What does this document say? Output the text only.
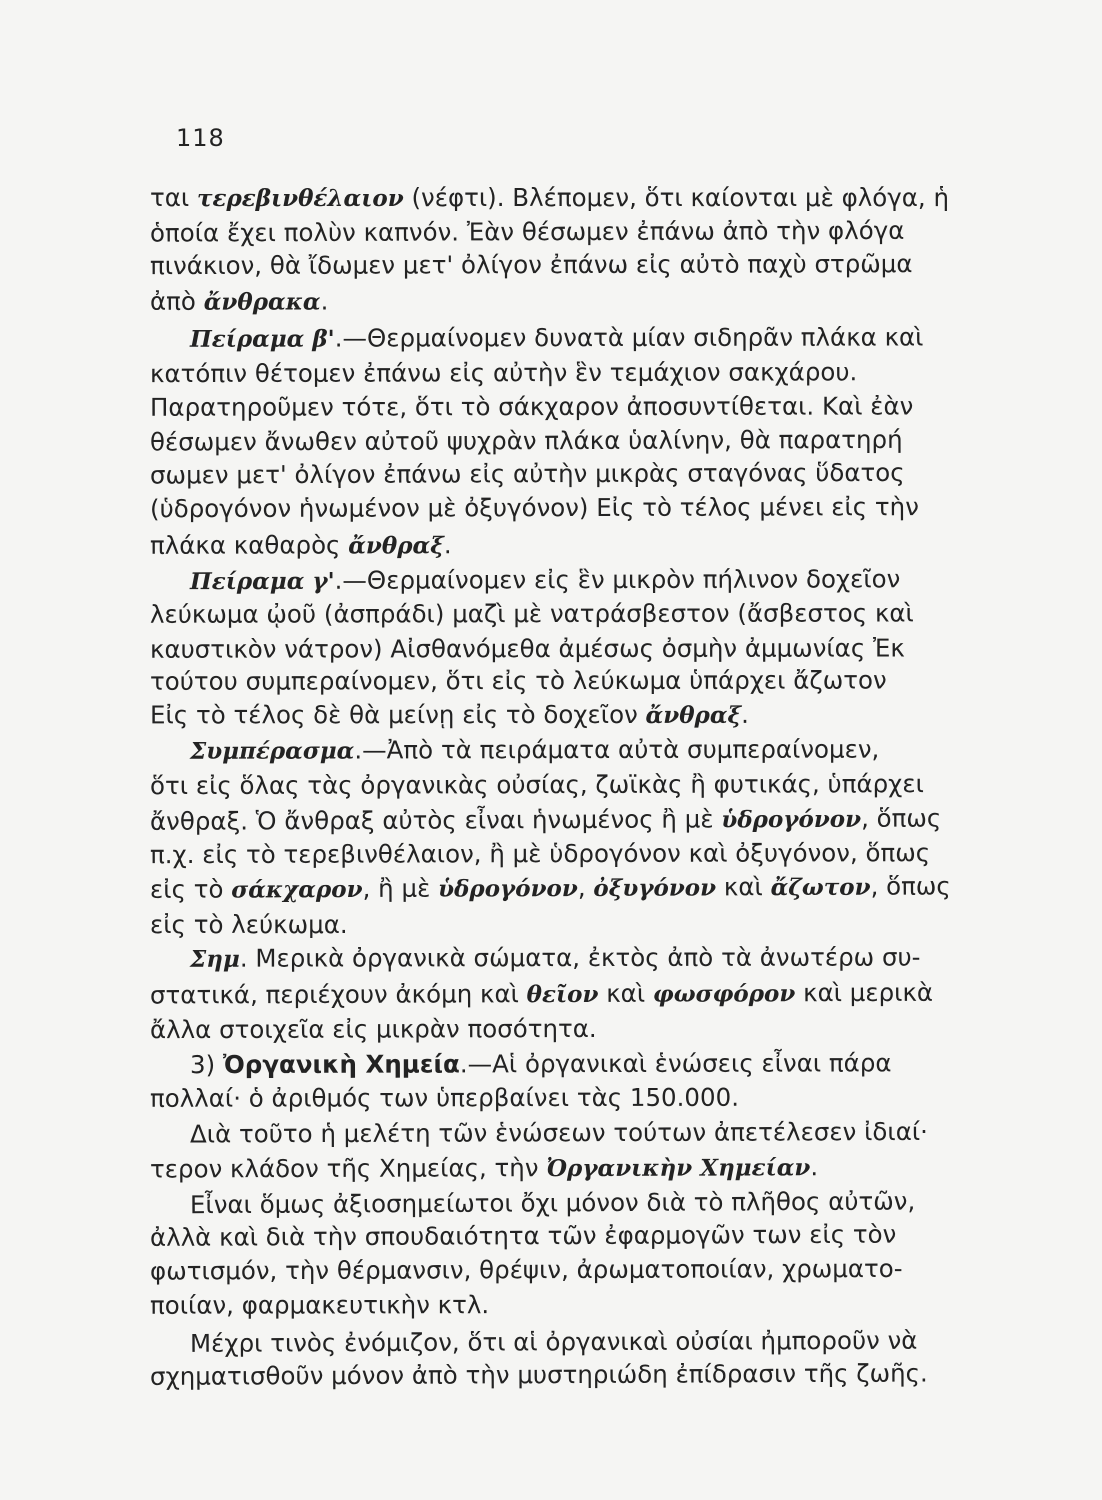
118
ται τερεβινθέλαιον (νέφτι). Βλέπομεν, ὅτι καίονται μὲ φλόγα, ἡ
ὁποία ἔχει πολὺν καπνόν. Ἐὰν θέσωμεν ἐπάνω ἀπὸ τὴν φλόγα
πινάκιον, θὰ ἴδωμεν μετ' ὀλίγον ἐπάνω εἰς αὐτὸ παχὺ στρῶμα
ἀπὸ ἄνθρακα.
Πείραμα β'.—Θερμαίνομεν δυνατὰ μίαν σιδηρᾶν πλάκα καὶ
κατόπιν θέτομεν ἐπάνω εἰς αὐτὴν ἓν τεμάχιον σακχάρου.
Παρατηροῦμεν τότε, ὅτι τὸ σάκχαρον ἀποσυντίθεται. Καὶ ἐὰν
θέσωμεν ἄνωθεν αὐτοῦ ψυχρὰν πλάκα ὑαλίνην, θὰ παρατηρή
σωμεν μετ' ὀλίγον ἐπάνω εἰς αὐτὴν μικρὰς σταγόνας ὕδατος
(ὑδρογόνον ἡνωμένον μὲ ὀξυγόνον) Εἰς τὸ τέλος μένει εἰς τὴν
πλάκα καθαρὸς ἄνθραξ.
Πείραμα γ'.—Θερμαίνομεν εἰς ἓν μικρὸν πήλινον δοχεῖον
λεύκωμα ᾠοῦ (ἀσπράδι) μαζὶ μὲ νατράσβεστον (ἄσβεστος καὶ
καυστικὸν νάτρον) Αἰσθανόμεθα ἀμέσως ὀσμὴν ἀμμωνίας Ἐκ
τούτου συμπεραίνομεν, ὅτι εἰς τὸ λεύκωμα ὑπάρχει ἄζωτον
Εἰς τὸ τέλος δὲ θὰ μείνῃ εἰς τὸ δοχεῖον ἄνθραξ.
Συμπέρασμα.—Ἀπὸ τὰ πειράματα αὐτὰ συμπεραίνομεν,
ὅτι εἰς ὅλας τὰς ὀργανικὰς οὐσίας, ζωϊκὰς ἢ φυτικάς, ὑπάρχει
ἄνθραξ. Ὁ ἄνθραξ αὐτὸς εἶναι ἡνωμένος ἢ μὲ ὑδρογόνον, ὅπως
π.χ. εἰς τὸ τερεβινθέλαιον, ἢ μὲ ὑδρογόνον καὶ ὀξυγόνον, ὅπως
εἰς τὸ σάκχαρον, ἢ μὲ ὑδρογόνον, ὀξυγόνον καὶ ἄζωτον, ὅπως
εἰς τὸ λεύκωμα.
Σημ. Μερικὰ ὀργανικὰ σώματα, ἐκτὸς ἀπὸ τὰ ἀνωτέρω συ-
στατικά, περιέχουν ἀκόμη καὶ θεῖον καὶ φωσφόρον καὶ μερικὰ
ἄλλα στοιχεῖα εἰς μικρὰν ποσότητα.
3) Ὀργανικὴ Χημεία.—Αἱ ὀργανικαὶ ἑνώσεις εἶναι πάρα
πολλαί· ὁ ἀριθμός των ὑπερβαίνει τὰς 150.000.
Διὰ τοῦτο ἡ μελέτη τῶν ἑνώσεων τούτων ἀπετέλεσεν ἰδιαί·
τερον κλάδον τῆς Χημείας, τὴν Ὀργανικὴν Χημείαν.
Εἶναι ὅμως ἀξιοσημείωτοι ὄχι μόνον διὰ τὸ πλῆθος αὐτῶν,
ἀλλὰ καὶ διὰ τὴν σπουδαιότητα τῶν ἐφαρμογῶν των εἰς τὸν
φωτισμόν, τὴν θέρμανσιν, θρέψιν, ἀρωματοποιίαν, χρωματο-
ποιίαν, φαρμακευτικὴν κτλ.
Μέχρι τινὸς ἐνόμιζον, ὅτι αἱ ὀργανικαὶ οὐσίαι ἠμποροῦν νὰ
σχηματισθοῦν μόνον ἀπὸ τὴν μυστηριώδη ἐπίδρασιν τῆς ζωῆς.
